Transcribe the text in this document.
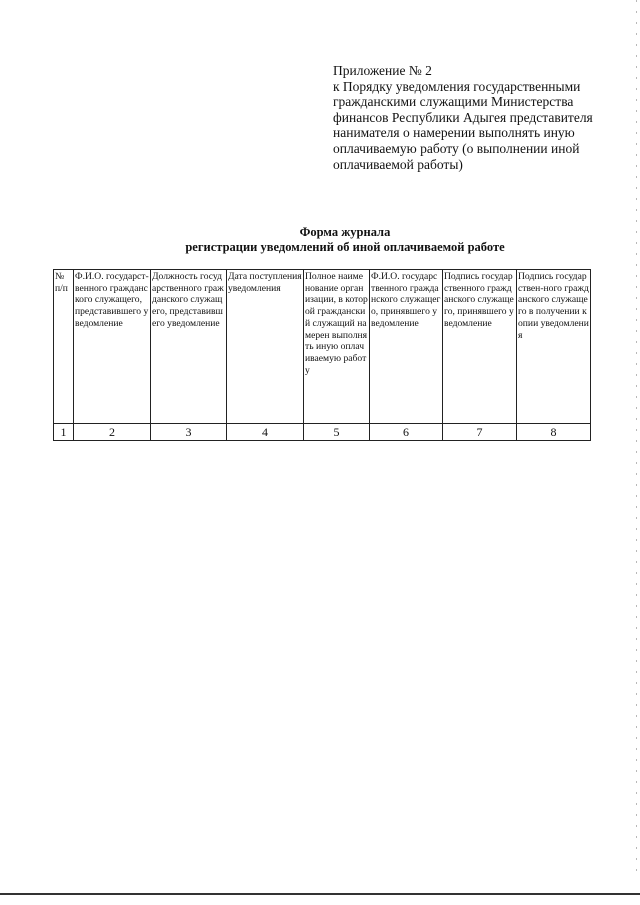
Приложение № 2
к Порядку уведомления государственными
гражданскими служащими Министерства
финансов Республики Адыгея представителя
нанимателя о намерении выполнять иную
оплачиваемую работу (о выполнении иной
оплачиваемой работы)
Форма журнала
регистрации уведомлений об иной оплачиваемой работе
№ п/п	Ф.И.О. государст-венного гражданского служащего, представившего уведомление	Должность государственного гражданского служащего, представившего уведомление	Дата поступления уведомления	Полное наименование организации, в которой гражданский служащий намерен выполнять иную оплачиваемую работу	Ф.И.О. государственного гражданского служащего, принявшего уведомление	Подпись государственного гражданского служащего, принявшего уведомление	Подпись государствен-ного гражданского служащего в получении копии уведомления
1	2	3	4	5	6	7	8
